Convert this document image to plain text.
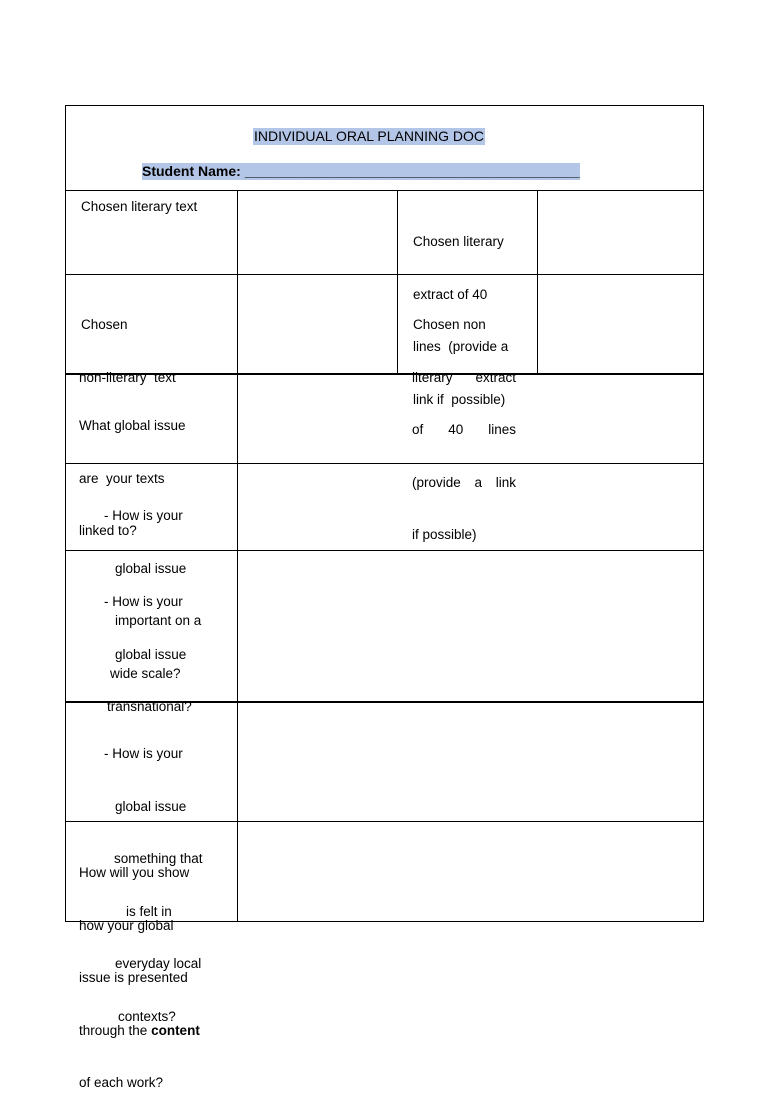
INDIVIDUAL ORAL PLANNING DOC
Student Name: ___________________________________________
Chosen literary text

Chosen literary

extract of 40

lines  (provide a

link if  possible)

Chosen

non-literary  text

Chosen non

literary extract

of 40 lines

(provide a link

if possible)

What global issue

are  your texts

linked to?

- How is your

global issue

important on a

wide scale?

- How is your

global issue

transnational?

- How is your

global issue

something that

is felt in

everyday local

contexts?

How will you show

how your global

issue is presented

through the content

of each work?
